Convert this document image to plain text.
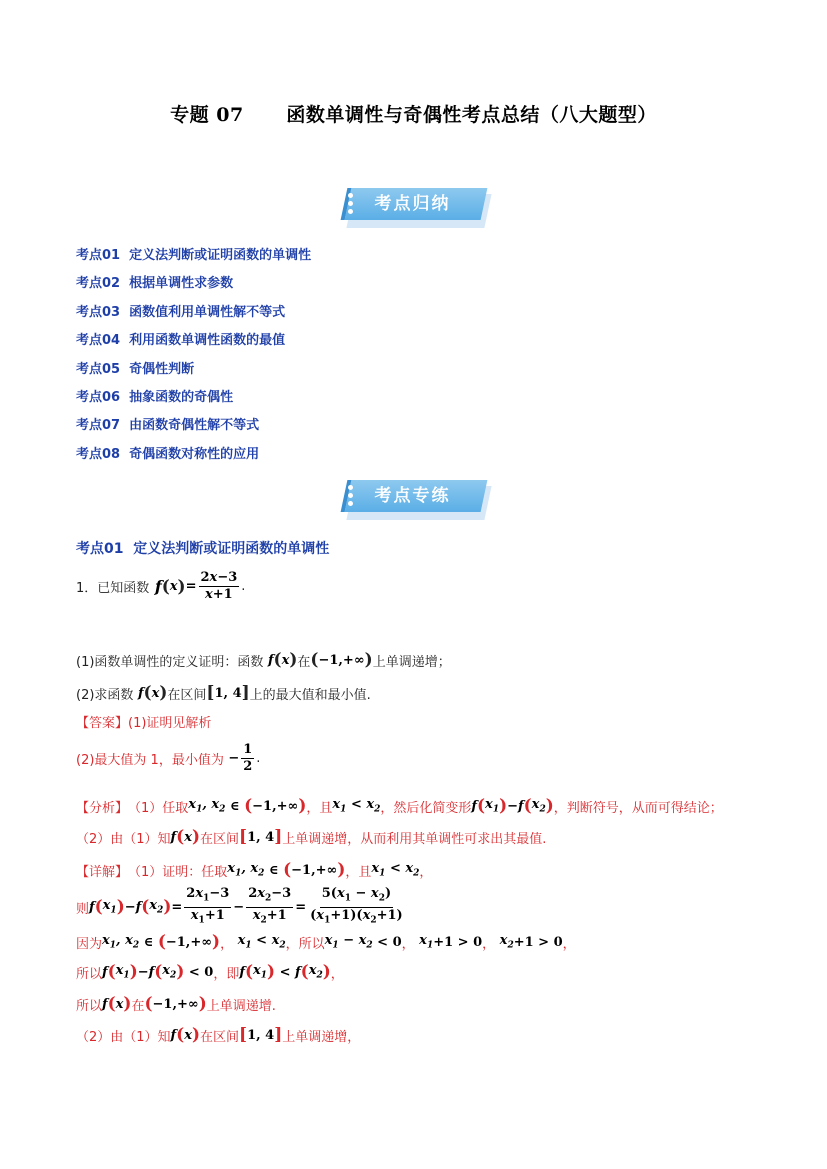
专题 07      函数单调性与奇偶性考点总结（八大题型）
考点归纳
考点01  定义法判断或证明函数的单调性
考点02  根据单调性求参数
考点03  函数值利用单调性解不等式
考点04  利用函数单调性函数的最值
考点05  奇偶性判断
考点06  抽象函数的奇偶性
考点07  由函数奇偶性解不等式
考点08  奇偶函数对称性的应用
考点专练
考点01  定义法判断或证明函数的单调性
1．已知函数 f ( x ) = $\frac{2x-3}{x+1}$ .
(1)函数单调性的定义证明：函数 f ( x ) 在 ( −1,+∞ ) 上单调递增；
(2)求函数 f ( x ) 在区间 [ 1, 4 ] 上的最大值和最小值.
【答案】 (1)证明见解析
(2)最大值为 1，最小值为 − $\frac{1}{2}$ .
【分析】 （1）任取 $x_1$, $x_2$ ∈ ( −1,+∞ ) ，且 $x_1 < x_2$ ，然后化简变形 f ( $x_1$ ) − f ( $x_2$ ) ，判断符号，从而可得结论；
（2）由（1）知 f ( x ) 在区间 [ 1, 4 ] 上单调递增，从而利用其单调性可求出其最值.
【详解】 （1）证明：任取 $x_1$, $x_2$ ∈ ( −1,+∞ ) ，且 $x_1 < x_2$ ，
则 f ( $x_1$ ) − f ( $x_2$ ) = $\frac{2x_1-3}{x_1+1} - \frac{2x_2-3}{x_2+1} = \frac{5(x_1 - x_2)}{(x_1+1)(x_2+1)}$
因为 $x_1$, $x_2$ ∈ ( −1,+∞ ) ， $x_1 < x_2$ ，所以 $x_1 - x_2 < 0$ ， $x_1 +1 > 0$ ， $x_2 +1 > 0$ ，
所以 f ( $x_1$ ) − f ( $x_2$ ) < 0 ，即 f ( $x_1$ ) < f ( $x_2$ ) ，
所以 f ( x ) 在 ( −1,+∞ ) 上单调递增.
（2）由（1）知 f ( x ) 在区间 [ 1, 4 ] 上单调递增，
